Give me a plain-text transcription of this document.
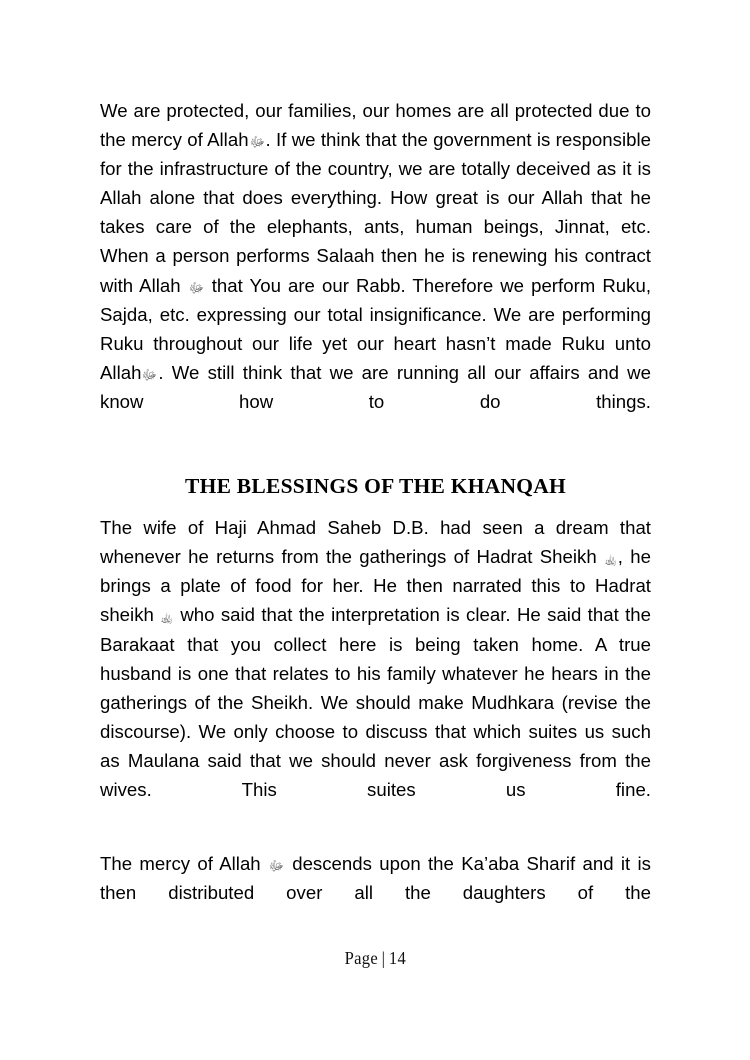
We are protected, our families, our homes are all protected due to the mercy of Allahﷻ. If we think that the government is responsible for the infrastructure of the country, we are totally deceived as it is Allah alone that does everything. How great is our Allah that he takes care of the elephants, ants, human beings, Jinnat, etc. When a person performs Salaah then he is renewing his contract with Allah ﷻ that You are our Rabb. Therefore we perform Ruku, Sajda, etc. expressing our total insignificance. We are performing Ruku throughout our life yet our heart hasn’t made Ruku unto Allahﷻ. We still think that we are running all our affairs and we know how to do things.

THE BLESSINGS OF THE KHANQAH

The wife of Haji Ahmad Saheb D.B. had seen a dream that whenever he returns from the gatherings of Hadrat Sheikh ﵀, he brings a plate of food for her. He then narrated this to Hadrat sheikh ﵀ who said that the interpretation is clear. He said that the Barakaat that you collect here is being taken home. A true husband is one that relates to his family whatever he hears in the gatherings of the Sheikh. We should make Mudhkara (revise the discourse). We only choose to discuss that which suites us such as Maulana said that we should never ask forgiveness from the wives. This suites us fine.

The mercy of Allah ﷻ descends upon the Ka’aba Sharif and it is then distributed over all the daughters of the

Page | 14
